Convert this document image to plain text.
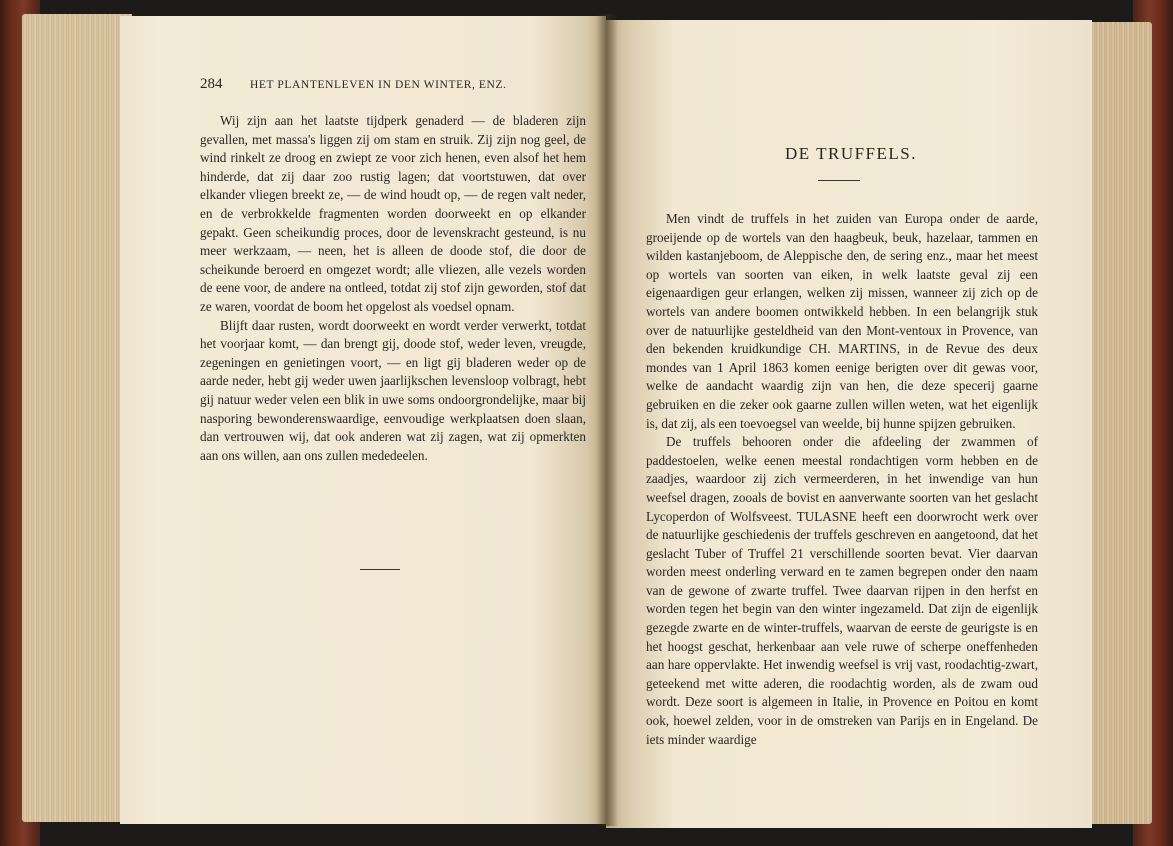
284 HET PLANTENLEVEN IN DEN WINTER, ENZ.

Wij zijn aan het laatste tijdperk genaderd — de bladeren zijn gevallen, met massa's liggen zij om stam en struik. Zij zijn nog geel, de wind rinkelt ze droog en zwiept ze voor zich henen, even alsof het hem hinderde, dat zij daar zoo rustig lagen; dat voortstuwen, dat over elkander vliegen breekt ze, — de wind houdt op, — de regen valt neder, en de verbrokkelde fragmenten worden doorweekt en op elkander gepakt. Geen scheikundig proces, door de levenskracht gesteund, is nu meer werkzaam, — neen, het is alleen de doode stof, die door de scheikunde beroerd en omgezet wordt; alle vliezen, alle vezels worden de eene voor, de andere na ontleed, totdat zij stof zijn geworden, stof dat ze waren, voordat de boom het opgelost als voedsel opnam.

Blijft daar rusten, wordt doorweekt en wordt verder verwerkt, totdat het voorjaar komt, — dan brengt gij, doode stof, weder leven, vreugde, zegeningen en genietingen voort, — en ligt gij bladeren weder op de aarde neder, hebt gij weder uwen jaarlijkschen levensloop volbragt, hebt gij natuur weder velen een blik in uwe soms ondoorgrondelijke, maar bij nasporing bewonderenswaardige, eenvoudige werkplaatsen doen slaan, dan vertrouwen wij, dat ook anderen wat zij zagen, wat zij opmerkten aan ons willen, aan ons zullen mededeelen.

DE TRUFFELS.

Men vindt de truffels in het zuiden van Europa onder de aarde, groeijende op de wortels van den haagbeuk, beuk, hazelaar, tammen en wilden kastanjeboom, de Aleppische den, de sering enz., maar het meest op wortels van soorten van eiken, in welk laatste geval zij een eigenaardigen geur erlangen, welken zij missen, wanneer zij zich op de wortels van andere boomen ontwikkeld hebben. In een belangrijk stuk over de natuurlijke gesteldheid van den Mont-ventoux in Provence, van den bekenden kruidkundige CH. MARTINS, in de Revue des deux mondes van 1 April 1863 komen eenige berigten over dit gewas voor, welke de aandacht waardig zijn van hen, die deze specerij gaarne gebruiken en die zeker ook gaarne zullen willen weten, wat het eigenlijk is, dat zij, als een toevoegsel van weelde, bij hunne spijzen gebruiken.

De truffels behooren onder die afdeeling der zwammen of paddestoelen, welke eenen meestal rondachtigen vorm hebben en de zaadjes, waardoor zij zich vermeerderen, in het inwendige van hun weefsel dragen, zooals de bovist en aanverwante soorten van het geslacht Lycoperdon of Wolfsveest. TULASNE heeft een doorwrocht werk over de natuurlijke geschiedenis der truffels geschreven en aangetoond, dat het geslacht Tuber of Truffel 21 verschillende soorten bevat. Vier daarvan worden meest onderling verward en te zamen begrepen onder den naam van de gewone of zwarte truffel. Twee daarvan rijpen in den herfst en worden tegen het begin van den winter ingezameld. Dat zijn de eigenlijk gezegde zwarte en de winter-truffels, waarvan de eerste de geurigste is en het hoogst geschat, herkenbaar aan vele ruwe of scherpe oneffenheden aan hare oppervlakte. Het inwendig weefsel is vrij vast, roodachtig-zwart, geteekend met witte aderen, die roodachtig worden, als de zwam oud wordt. Deze soort is algemeen in Italie, in Provence en Poitou en komt ook, hoewel zelden, voor in de omstreken van Parijs en in Engeland. De iets minder waardige
